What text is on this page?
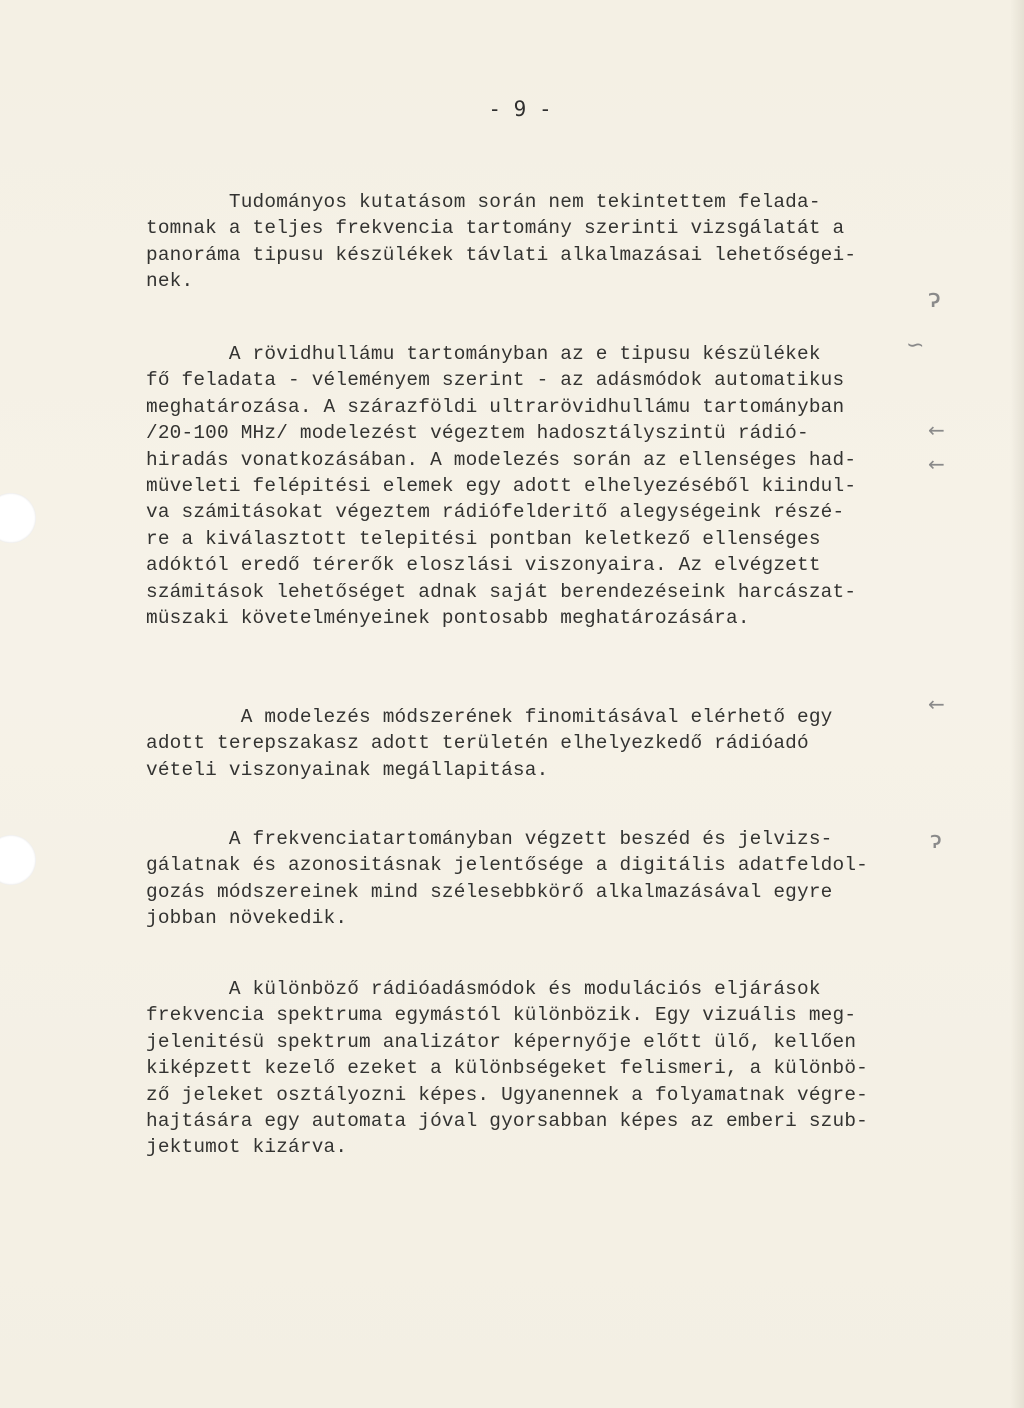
- 9 -

Tudományos kutatásom során nem tekintettem felada-
tomnak a teljes frekvencia tartomány szerinti vizsgálatát a
panoráma tipusu készülékek távlati alkalmazásai lehetőségei-
nek.

A rövidhullámu tartományban az e tipusu készülékek
fő feladata - véleményem szerint - az adásmódok automatikus
meghatározása. A szárazföldi ultrarövidhullámu tartományban
/20-100 MHz/ modelezést végeztem hadosztályszintü rádió-
hiradás vonatkozásában. A modelezés során az ellenséges had-
müveleti felépitési elemek egy adott elhelyezéséből kiindul-
va számitásokat végeztem rádiófelderitő alegységeink részé-
re a kiválasztott telepitési pontban keletkező ellenséges
adóktól eredő térerők eloszlási viszonyaira. Az elvégzett
számitások lehetőséget adnak saját berendezéseink harcászat-
müszaki követelményeinek pontosabb meghatározására.

A modelezés módszerének finomitásával elérhető egy
adott terepszakasz adott területén elhelyezkedő rádióadó
vételi viszonyainak megállapitása.

A frekvenciatartományban végzett beszéd és jelvizs-
gálatnak és azonositásnak jelentősége a digitális adatfeldol-
gozás módszereinek mind szélesebbkörő alkalmazásával egyre
jobban növekedik.

A különböző rádióadásmódok és modulációs eljárások
frekvencia spektruma egymástól különbözik. Egy vizuális meg-
jelenitésü spektrum analizátor képernyője előtt ülő, kellően
kiképzett kezelő ezeket a különbségeket felismeri, a különbö-
ző jeleket osztályozni képes. Ugyanennek a folyamatnak végre-
hajtására egy automata jóval gyorsabban képes az emberi szub-
jektumot kizárva.

ɂ
∽
←
←
←
ɂ
